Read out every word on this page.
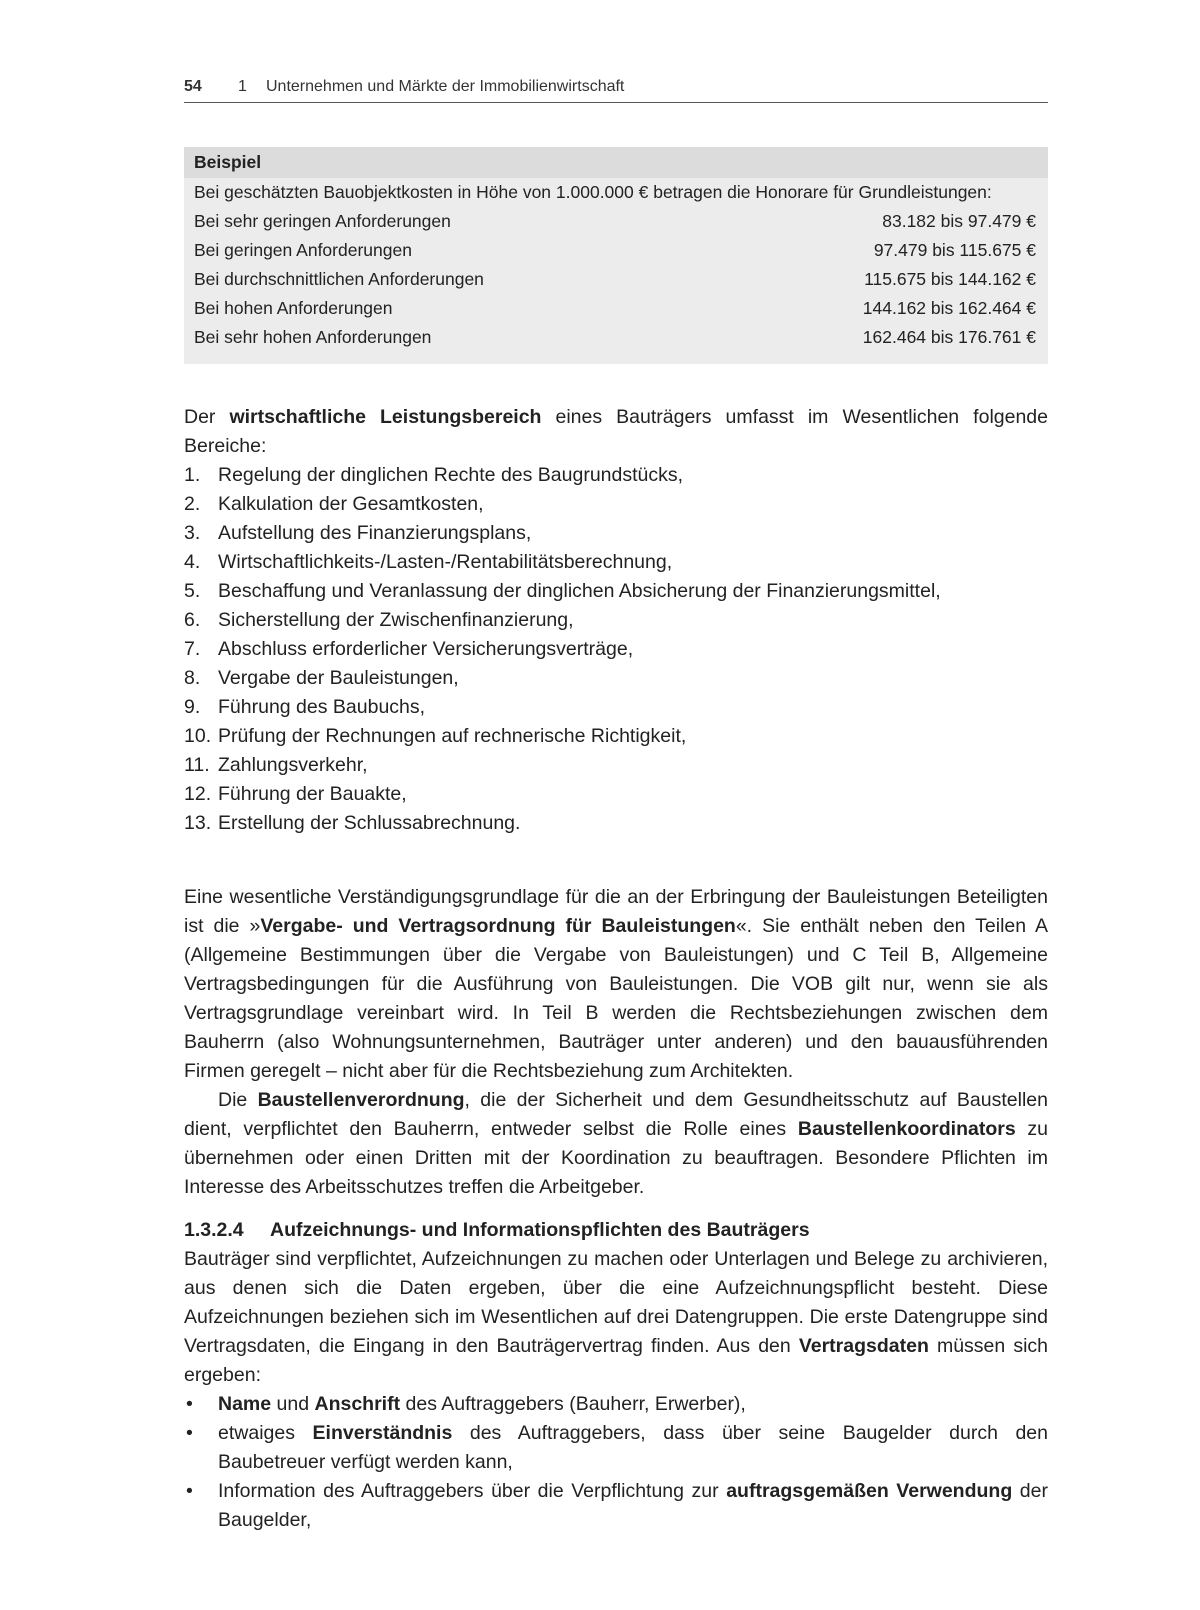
54 1 Unternehmen und Märkte der Immobilienwirtschaft
Beispiel
Bei geschätzten Bauobjektkosten in Höhe von 1.000.000 € betragen die Honorare für Grundleistungen:
Bei sehr geringen Anforderungen	83.182 bis 97.479 €
Bei geringen Anforderungen	97.479 bis 115.675 €
Bei durchschnittlichen Anforderungen	115.675 bis 144.162 €
Bei hohen Anforderungen	144.162 bis 162.464 €
Bei sehr hohen Anforderungen	162.464 bis 176.761 €

Der wirtschaftliche Leistungsbereich eines Bauträgers umfasst im Wesentlichen folgende Bereiche:

1. Regelung der dinglichen Rechte des Baugrundstücks,
2. Kalkulation der Gesamtkosten,
3. Aufstellung des Finanzierungsplans,
4. Wirtschaftlichkeits-/Lasten-/Rentabilitätsberechnung,
5. Beschaffung und Veranlassung der dinglichen Absicherung der Finanzierungsmittel,
6. Sicherstellung der Zwischenfinanzierung,
7. Abschluss erforderlicher Versicherungsverträge,
8. Vergabe der Bauleistungen,
9. Führung des Baubuchs,
10. Prüfung der Rechnungen auf rechnerische Richtigkeit,
11. Zahlungsverkehr,
12. Führung der Bauakte,
13. Erstellung der Schlussabrechnung.

Eine wesentliche Verständigungsgrundlage für die an der Erbringung der Bauleistungen Beteiligten ist die »Vergabe- und Vertragsordnung für Bauleistungen«. Sie enthält neben den Teilen A (Allgemeine Bestimmungen über die Vergabe von Bauleistungen) und C Teil B, Allgemeine Vertragsbedingungen für die Ausführung von Bauleistungen. Die VOB gilt nur, wenn sie als Vertragsgrundlage vereinbart wird. In Teil B werden die Rechtsbeziehungen zwischen dem Bauherrn (also Wohnungsunternehmen, Bauträger unter anderen) und den bauausführenden Firmen geregelt – nicht aber für die Rechtsbeziehung zum Architekten.

Die Baustellenverordnung, die der Sicherheit und dem Gesundheitsschutz auf Baustellen dient, verpflichtet den Bauherrn, entweder selbst die Rolle eines Baustellenkoordinators zu übernehmen oder einen Dritten mit der Koordination zu beauftragen. Besondere Pflichten im Interesse des Arbeitsschutzes treffen die Arbeitgeber.

1.3.2.4 Aufzeichnungs- und Informationspflichten des Bauträgers

Bauträger sind verpflichtet, Aufzeichnungen zu machen oder Unterlagen und Belege zu archivieren, aus denen sich die Daten ergeben, über die eine Aufzeichnungspflicht besteht. Diese Aufzeichnungen beziehen sich im Wesentlichen auf drei Datengruppen. Die erste Datengruppe sind Vertragsdaten, die Eingang in den Bauträgervertrag finden. Aus den Vertragsdaten müssen sich ergeben:

• Name und Anschrift des Auftraggebers (Bauherr, Erwerber),
• etwaiges Einverständnis des Auftraggebers, dass über seine Baugelder durch den Baubetreuer verfügt werden kann,
• Information des Auftraggebers über die Verpflichtung zur auftragsgemäßen Verwendung der Baugelder,
